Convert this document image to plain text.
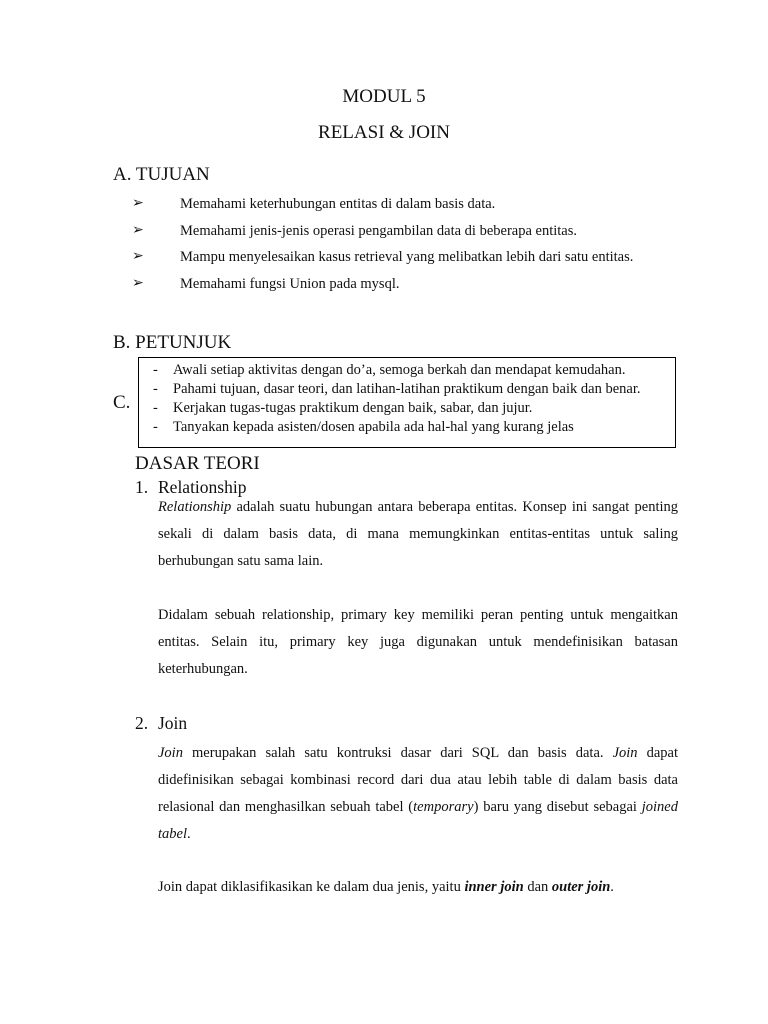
MODUL 5
RELASI & JOIN
A. TUJUAN
➢	Memahami keterhubungan entitas di dalam basis data.
➢	Memahami jenis-jenis operasi pengambilan data di beberapa entitas.
➢	Mampu menyelesaikan kasus retrieval yang melibatkan lebih dari satu entitas.
➢	Memahami fungsi Union pada mysql.
B. PETUNJUK
- Awali setiap aktivitas dengan do’a, semoga berkah dan mendapat kemudahan.
- Pahami tujuan, dasar teori, dan latihan-latihan praktikum dengan baik dan benar.
- Kerjakan tugas-tugas praktikum dengan baik, sabar, dan jujur.
- Tanyakan kepada asisten/dosen apabila ada hal-hal yang kurang jelas
C.
DASAR TEORI
1. Relationship

Relationship adalah suatu hubungan antara beberapa entitas. Konsep ini sangat penting sekali di dalam basis data, di mana memungkinkan entitas-entitas untuk saling berhubungan satu sama lain.

Didalam sebuah relationship, primary key memiliki peran penting untuk mengaitkan entitas. Selain itu, primary key juga digunakan untuk mendefinisikan batasan keterhubungan.

2. Join

Join merupakan salah satu kontruksi dasar dari SQL dan basis data. Join dapat didefinisikan sebagai kombinasi record dari dua atau lebih table di dalam basis data relasional dan menghasilkan sebuah tabel (temporary) baru yang disebut sebagai joined tabel.

Join dapat diklasifikasikan ke dalam dua jenis, yaitu inner join dan outer join.
